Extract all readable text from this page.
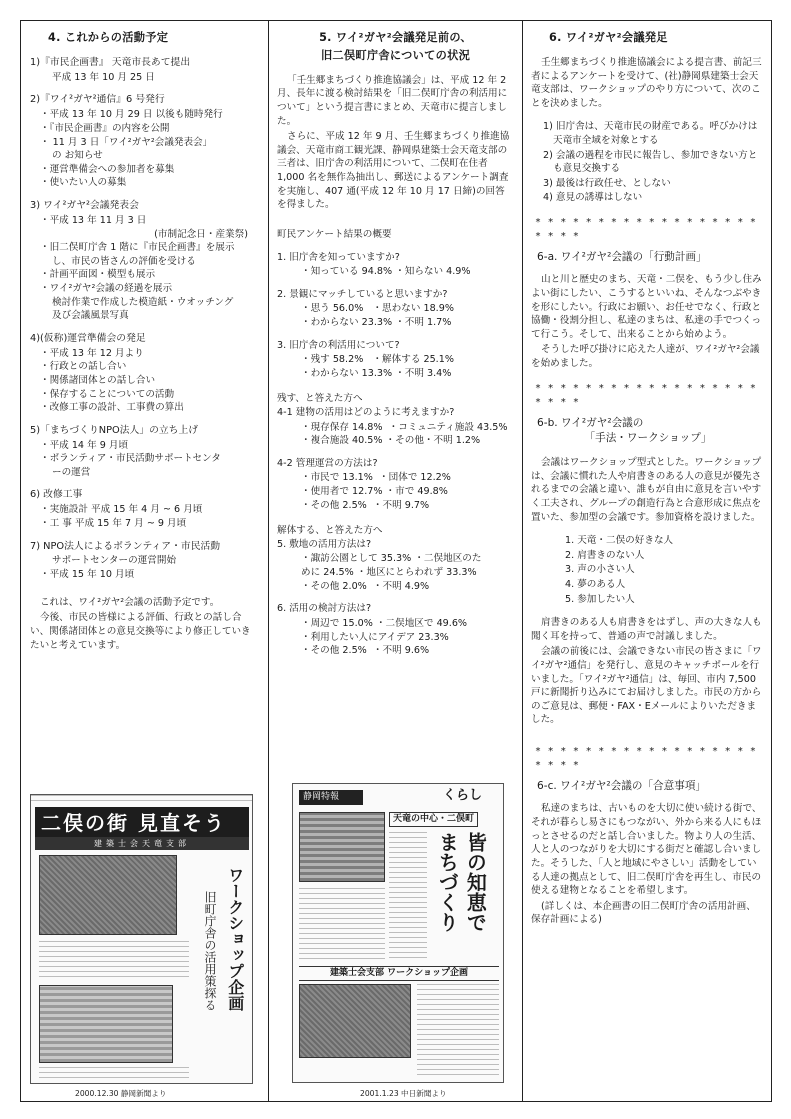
4. これからの活動予定
1)『市民企画書』 天竜市長あて提出
平成 13 年 10 月 25 日
2)『ワイ²ガヤ²通信』6 号発行
・平成 13 年 10 月 29 日 以後も随時発行
・『市民企画書』の内容を公開
・ 11 月 3 日「ワイ²ガヤ²会議発表会」
の お知らせ
・運営準備会への参加者を募集
・使いたい人の募集
3) ワイ²ガヤ²会議発表会
・平成 13 年 11 月 3 日
(市制記念日・産業祭)
・旧二俣町庁舎 1 階に『市民企画書』を展示
し、市民の皆さんの評価を受ける
・計画平面図・模型も展示
・ワイ²ガヤ²会議の経過を展示
検討作業で作成した模造紙・ウオッチング
及び会議風景写真
4)(仮称)運営準備会の発足
・平成 13 年 12 月より
・行政との話し合い
・関係諸団体との話し合い
・保存することについての活動
・改修工事の設計、工事費の算出
5)「まちづくりNPO法人」の立ち上げ
・平成 14 年 9 月頃
・ボランティア・市民活動サポートセンタ
ーの運営
6) 改修工事
・実施設計 平成 15 年 4 月 ~ 6 月頃
・工 事 平成 15 年 7 月 ~ 9 月頃
7) NPO法人によるボランティア・市民活動
サポートセンターの運営開始
・平成 15 年 10 月頃

これは、ワイ²ガヤ²会議の活動予定です。

今後、市民の皆様による評価、行政との話し合い、関係諸団体との意見交換等により修正していきたいと考えています。

二俣の街 見直そう
建築士会天竜支部
ワークショップ企画
旧町庁舎の活用策探る
2000.12.30 静岡新聞より
5. ワイ²ガヤ²会議発足前の、
旧二俣町庁舎についての状況

「壬生郷まちづくり推進協議会」は、平成 12 年 2 月、長年に渡る検討結果を「旧二俣町庁舎の利活用について」という提言書にまとめ、天竜市に提言しました。

さらに、平成 12 年 9 月、壬生郷まちづくり推進協議会、天竜市商工観光課、静岡県建築士会天竜支部の三者は、旧庁舎の利活用について、二俣町在住者 1,000 名を無作為抽出し、郵送によるアンケート調査を実施し、407 通(平成 12 年 10 月 17 日締)の回答を得ました。

町民アンケート結果の概要
1. 旧庁舎を知っていますか?
・知っている 94.8% ・知らない 4.9%
2. 景観にマッチしていると思いますか?
・思う 56.0%   ・思わない 18.9%
・わからない 23.3% ・不明 1.7%
3. 旧庁舎の利活用について?
・残す 58.2%   ・解体する 25.1%
・わからない 13.3% ・不明 3.4%
残す、と答えた方へ
4-1 建物の活用はどのように考えますか?
・現存保存 14.8%  ・コミュニティ施設 43.5%
・複合施設 40.5% ・その他・不明 1.2%
4-2 管理運営の方法は?
・市民で 13.1%  ・団体で 12.2%
・使用者で 12.7% ・市で 49.8%
・その他 2.5%  ・不明 9.7%
解体する、と答えた方へ
5. 敷地の活用方法は?
・諏訪公園として 35.3% ・二俣地区のた
めに 24.5% ・地区にとらわれず 33.3%
・その他 2.0%  ・不明 4.9%
6. 活用の検討方法は?
・周辺で 15.0% ・二俣地区で 49.6%
・利用したい人にアイデア 23.3%
・その他 2.5%  ・不明 9.6%
静岡特報	くらし
天竜の中心・二俣町
皆の知恵で
まちづくり
建築士会支部 ワークショップ企画
2001.1.23 中日新聞より
6. ワイ²ガヤ²会議発足

壬生郷まちづくり推進協議会による提言書、前記三者によるアンケートを受けて、(社)静岡県建築士会天竜支部は、ワークショップのやり方について、次のことを決めました。

1) 旧庁舎は、天竜市民の財産である。呼びかけは天竜市全域を対象とする
2) 会議の過程を市民に報告し、参加できない方とも意見交換する
3) 最後は行政任せ、としない
4) 意見の誘導はしない
* * * * * * * * * * * * * * * * * * * * * *
6-a. ワイ²ガヤ²会議の「行動計画」

山と川と歴史のまち、天竜・二俣を、もう少し住みよい街にしたい、こうするといいね、そんなつぶやきを形にしたい。行政にお願い、お任せでなく、行政と協働・役割分担し、私達のまちは、私達の手でつくって行こう。そして、出来ることから始めよう。

そうした呼び掛けに応えた人達が、ワイ²ガヤ²会議を始めました。

* * * * * * * * * * * * * * * * * * * * * *
6-b. ワイ²ガヤ²会議の
「手法・ワークショップ」

会議はワークショップ型式とした。ワークショップは、会議に慣れた人や肩書きのある人の意見が優先されるまでの会議と違い、誰もが自由に意見を言いやすく工夫され、グループの創造行為と合意形成に焦点を置いた、参加型の会議です。参加資格を設けました。

1. 天竜・二俣の好きな人
2. 肩書きのない人
3. 声の小さい人
4. 夢のある人
5. 参加したい人

肩書きのある人も肩書きをはずし、声の大きな人も聞く耳を持って、普通の声で討議しました。

会議の前後には、会議できない市民の皆さまに「ワイ²ガヤ²通信」を発行し、意見のキャッチボールを行いました。「ワイ²ガヤ²通信」は、毎回、市内 7,500 戸に新聞折り込みにてお届けしました。市民の方からのご意見は、郵便・FAX・Eメールによりいただきました。

* * * * * * * * * * * * * * * * * * * * * *
6-c. ワイ²ガヤ²会議の「合意事項」

私達のまちは、古いものを大切に使い続ける街で、それが暮らし易さにもつながい、外から来る人にもほっとさせるのだと話し合いました。物より人の生活、人と人のつながりを大切にする街だと確認し合いました。そうした、「人と地域にやさしい」活動をしている人達の拠点として、旧二俣町庁舎を再生し、市民の使える建物となることを希望します。

(詳しくは、本企画書の旧二俣町庁舎の活用計画、保存計画による)
